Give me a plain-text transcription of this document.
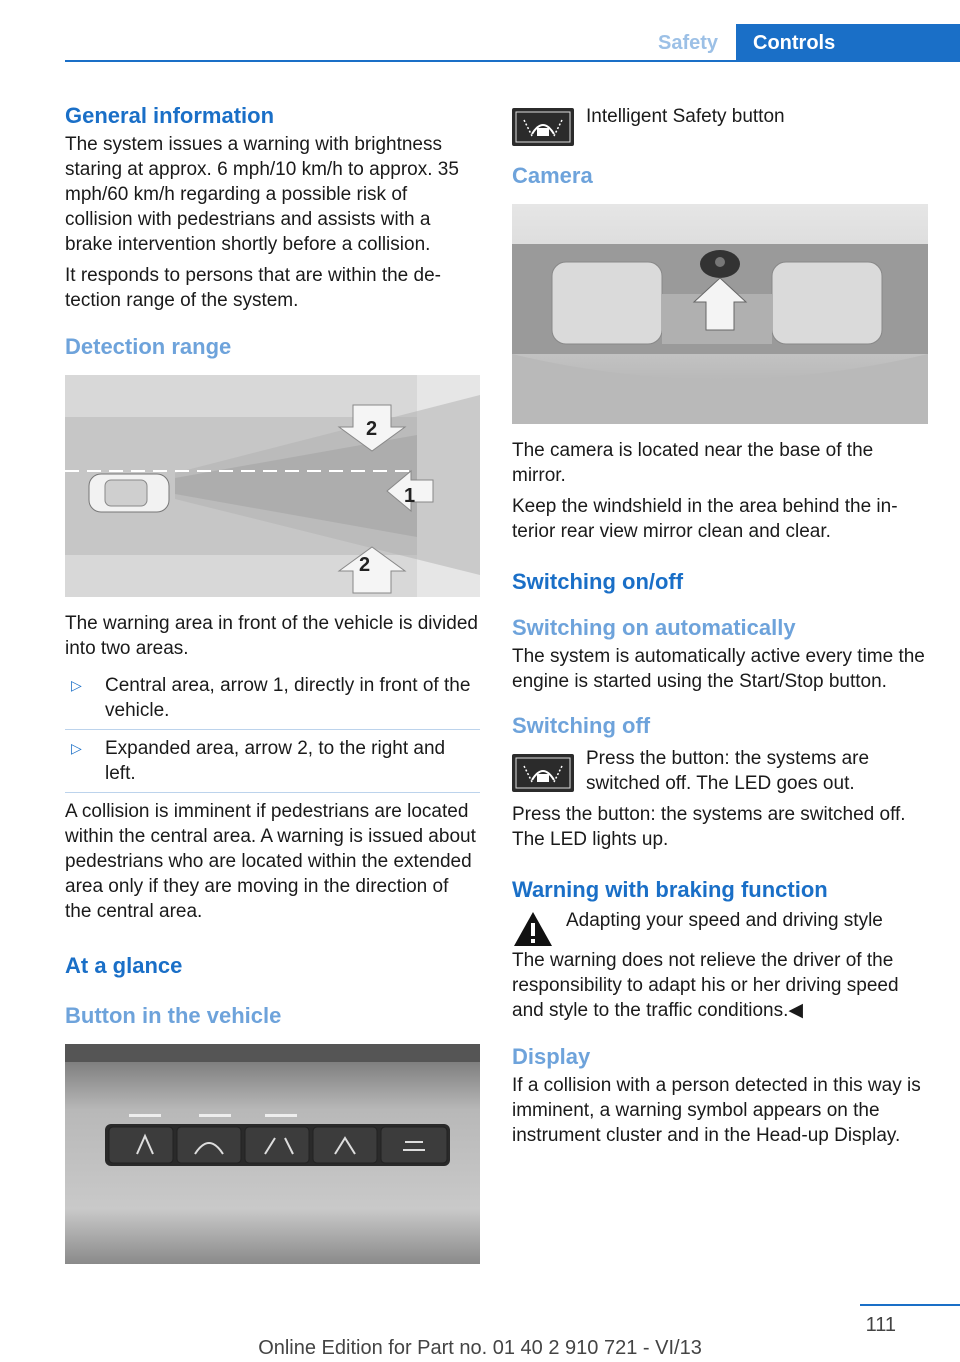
Safety	Controls
General information

The system issues a warning with brightness staring at approx. 6 mph/10 km/h to approx. 35 mph/60 km/h regarding a possible risk of collision with pedestrians and assists with a brake intervention shortly before a collision.

It responds to persons that are within the detection range of the system.

Detection range
2
1
2

The warning area in front of the vehicle is divided into two areas.

▷	Central area, arrow 1, directly in front of the vehicle.
▷	Expanded area, arrow 2, to the right and left.

A collision is imminent if pedestrians are located within the central area. A warning is issued about pedestrians who are located within the extended area only if they are moving in the direction of the central area.

At a glance
Button in the vehicle

Intelligent Safety button

Camera

The camera is located near the base of the mirror.

Keep the windshield in the area behind the interior rear view mirror clean and clear.

Switching on/off
Switching on automatically

The system is automatically active every time the engine is started using the Start/Stop button.

Switching off

Press the button: the systems are switched off. The LED goes out.

Press the button: the systems are switched off. The LED lights up.

Warning with braking function

Adapting your speed and driving style

The warning does not relieve the driver of the responsibility to adapt his or her driving speed and style to the traffic conditions.◀

Display

If a collision with a person detected in this way is imminent, a warning symbol appears on the instrument cluster and in the Head-up Display.

111
Online Edition for Part no. 01 40 2 910 721 - VI/13
